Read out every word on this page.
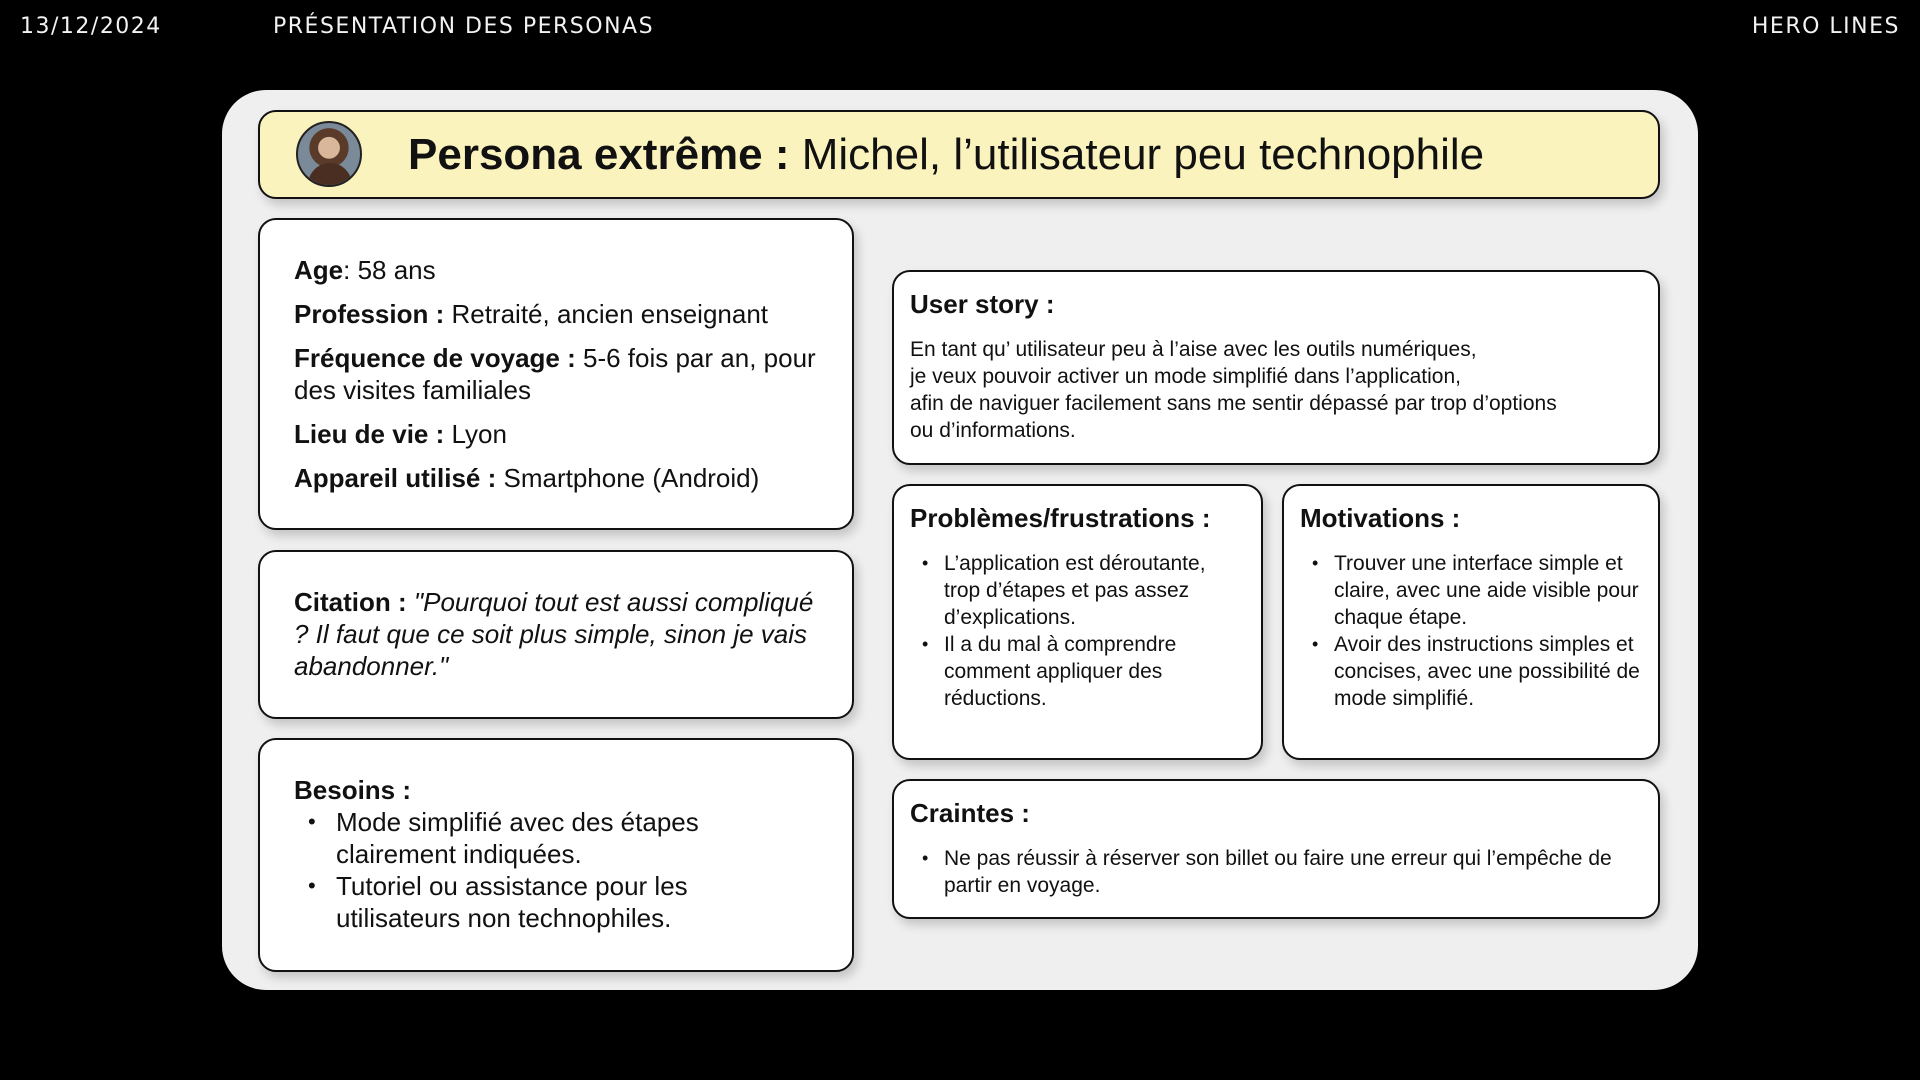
13/12/2024	PRÉSENTATION DES PERSONAS	HERO LINES
Persona extrême : Michel, l’utilisateur peu technophile
Age: 58 ans
Profession : Retraité, ancien enseignant
Fréquence de voyage : 5-6 fois par an, pour des visites familiales
Lieu de vie : Lyon
Appareil utilisé : Smartphone (Android)
Citation : "Pourquoi tout est aussi compliqué ? Il faut que ce soit plus simple, sinon je vais abandonner."
Besoins :
• Mode simplifié avec des étapes clairement indiquées.
• Tutoriel ou assistance pour les utilisateurs non technophiles.
User story :
En tant qu’ utilisateur peu à l’aise avec les outils numériques,
je veux pouvoir activer un mode simplifié dans l’application,
afin de naviguer facilement sans me sentir dépassé par trop d’options
ou d’informations.
Problèmes/frustrations :
• L’application est déroutante, trop d’étapes et pas assez d’explications.
• Il a du mal à comprendre comment appliquer des réductions.
Motivations :
• Trouver une interface simple et claire, avec une aide visible pour chaque étape.
• Avoir des instructions simples et concises, avec une possibilité de mode simplifié.
Craintes :
• Ne pas réussir à réserver son billet ou faire une erreur qui l’empêche de partir en voyage.
